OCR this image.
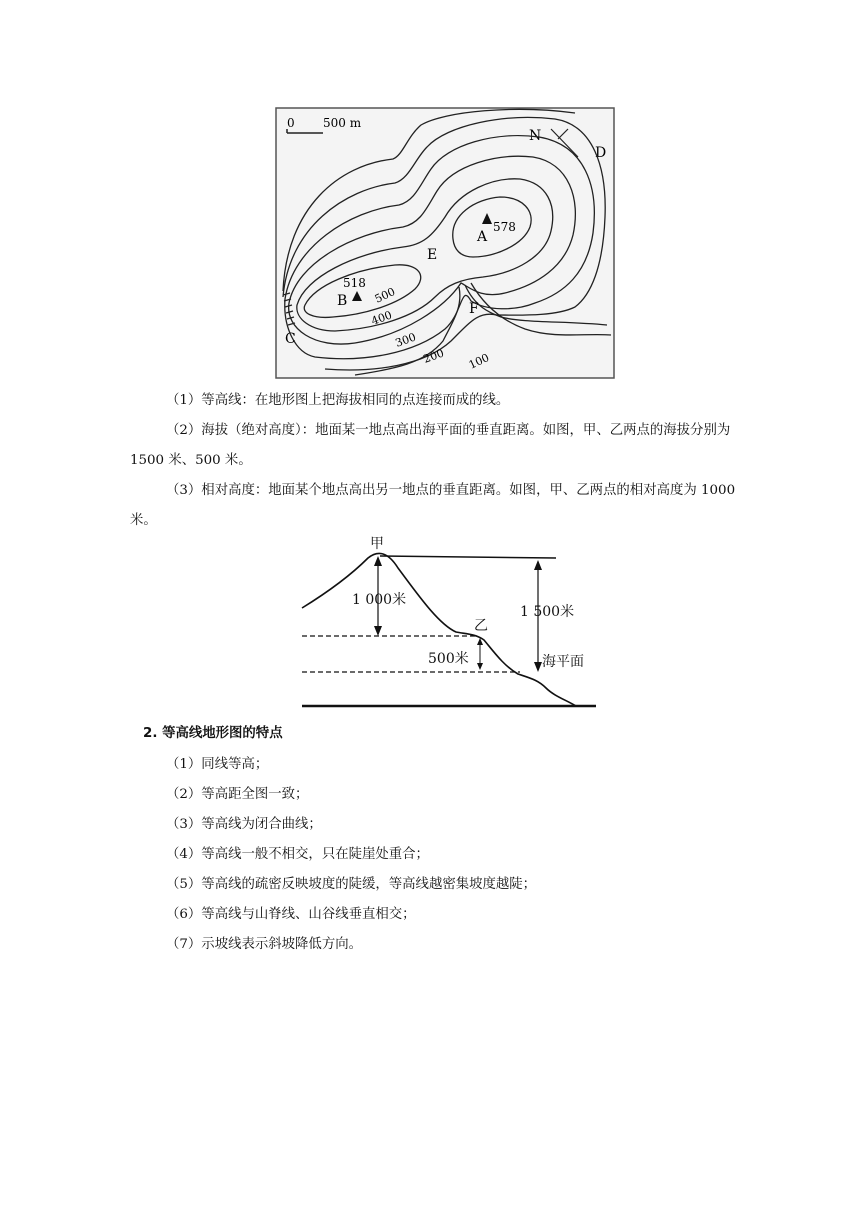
0 500 m
N
D
C
E
F
A
578
B
518
500
400
300
200 100

（1）等高线：在地形图上把海拔相同的点连接而成的线。

（2）海拔（绝对高度）：地面某一地点高出海平面的垂直距离。如图，甲、乙两点的海拔分别为 1500 米、500 米。

（3）相对高度：地面某个地点高出另一地点的垂直距离。如图，甲、乙两点的相对高度为 1000 米。

甲
乙
1 000米
1 500米
500米	海平面

2. 等高线地形图的特点

（1）同线等高；

（2）等高距全图一致；

（3）等高线为闭合曲线；

（4）等高线一般不相交，只在陡崖处重合；

（5）等高线的疏密反映坡度的陡缓，等高线越密集坡度越陡；

（6）等高线与山脊线、山谷线垂直相交；

（7）示坡线表示斜坡降低方向。
